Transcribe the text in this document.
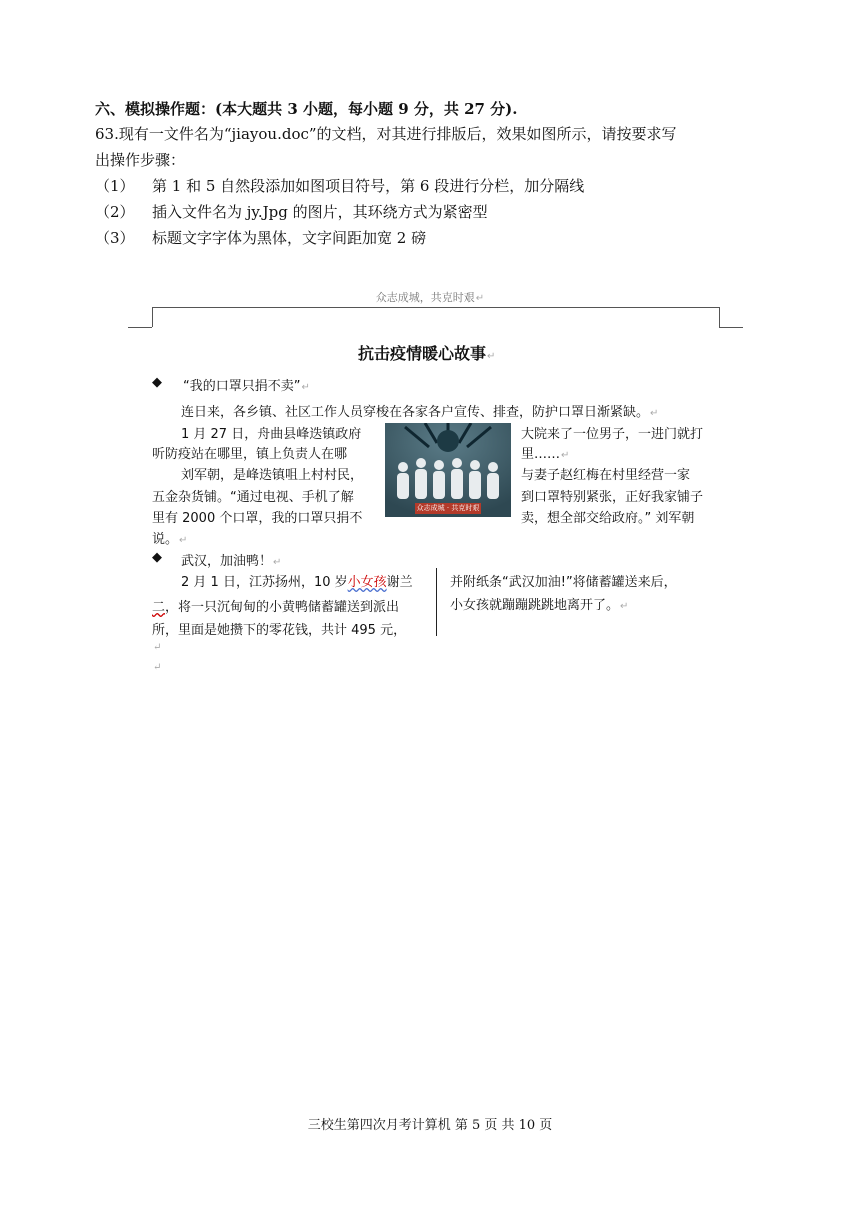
六、模拟操作题：(本大题共 3 小题，每小题 9 分，共 27 分).
63.现有一文件名为“jiayou.doc”的文档，对其进行排版后，效果如图所示，请按要求写
出操作步骤：
（1） 第 1 和 5 自然段添加如图项目符号，第 6 段进行分栏，加分隔线
（2） 插入文件名为 jy.Jpg 的图片，其环绕方式为紧密型
（3） 标题文字字体为黑体，文字间距加宽 2 磅
众志成城，共克时艰↵
抗击疫情暖心故事↵
◆ “我的口罩只捐不卖”↵
连日来，各乡镇、社区工作人员穿梭在各家各户宣传、排查，防护口罩日渐紧缺。↵
1 月 27 日，舟曲县峰迭镇政府	大院来了一位男子，一进门就打
听防疫站在哪里，镇上负责人在哪	里……↵
刘军朝，是峰迭镇咀上村村民，	与妻子赵红梅在村里经营一家
五金杂货铺。“通过电视、手机了解	到口罩特别紧张，正好我家铺子
里有 2000 个口罩，我的口罩只捐不	卖，想全部交给政府。” 刘军朝
说。↵
众志成城 · 共克时艰
◆ 武汉，加油鸭！↵
2 月 1 日，江苏扬州，10 岁小女孩谢兰
二，将一只沉甸甸的小黄鸭储蓄罐送到派出
所，里面是她攒下的零花钱，共计 495 元，
并附纸条“武汉加油!”将储蓄罐送来后，
小女孩就蹦蹦跳跳地离开了。↵
↵
↵
三校生第四次月考计算机 第 5 页 共 10 页
